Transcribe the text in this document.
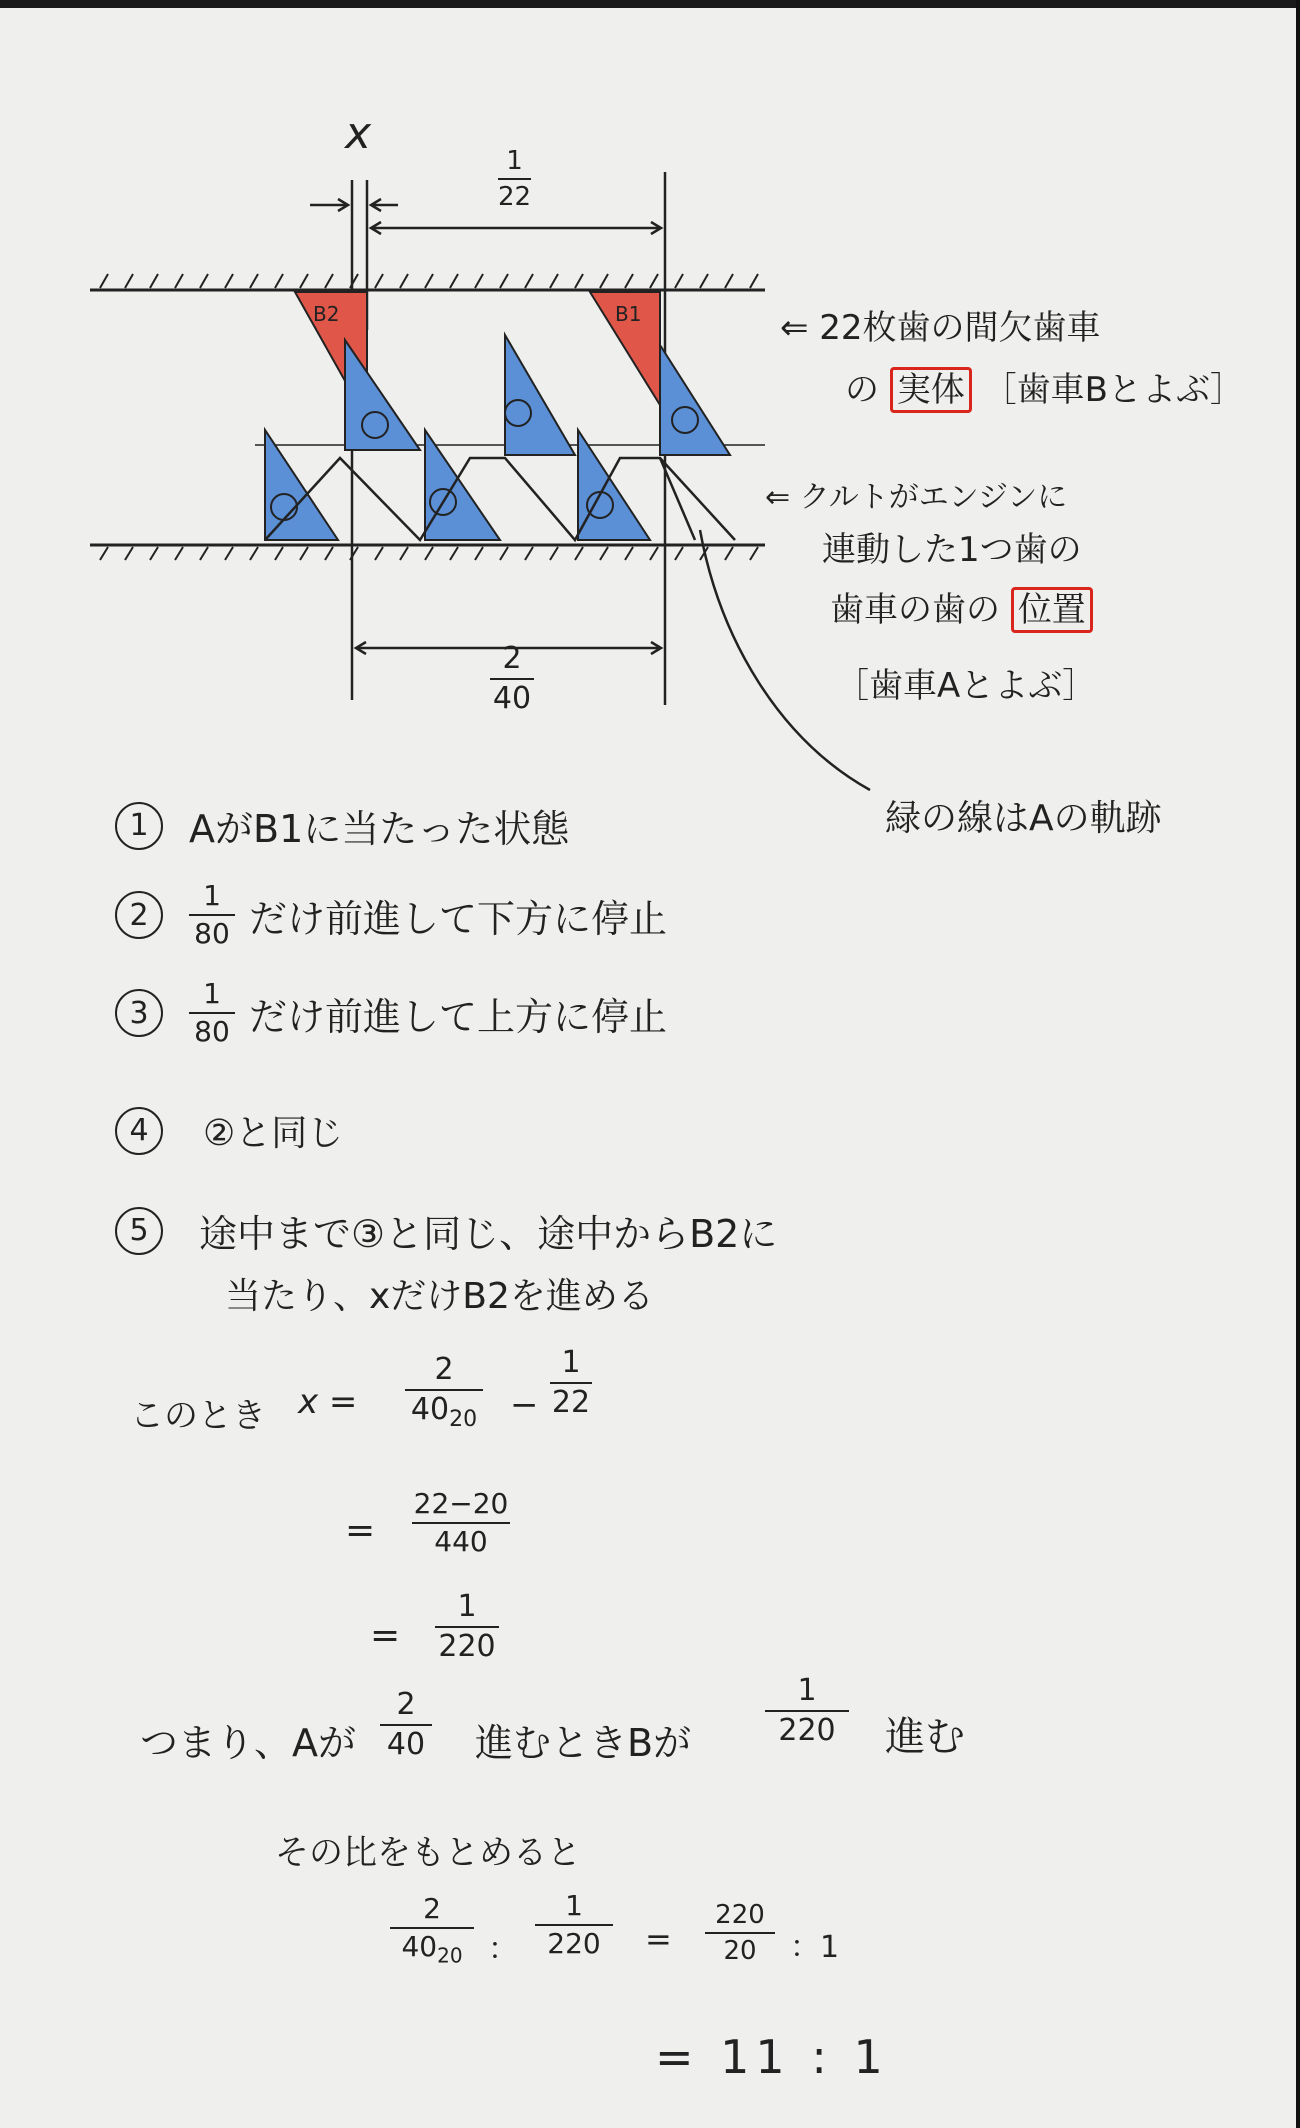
x
1
22
2
40
B2	B1	⇐ 22枚歯の間欠歯車
の 実体 ［歯車Bとよぶ］
⇐ クルトがエンジンに
連動した1つ歯の
歯車の歯の 位置
［歯車Aとよぶ］
緑の線はAの軌跡
1	AがB1に当たった状態
2	$\frac{1}{80}$ だけ前進して下方に停止
3	$\frac{1}{80}$ だけ前進して上方に停止
4	②と同じ
5	途中まで③と同じ、途中からB2に
当たり、xだけB2を進める
このとき x =
2
$40_{20}$ −
1
22
=
22−20
440
=
1
220
つまり、Aが
2
40 進むときBが
1
220 進む
その比をもとめると
2
$40_{20}$ ：
1
220 =
220
20 ：1
= 11 : 1
